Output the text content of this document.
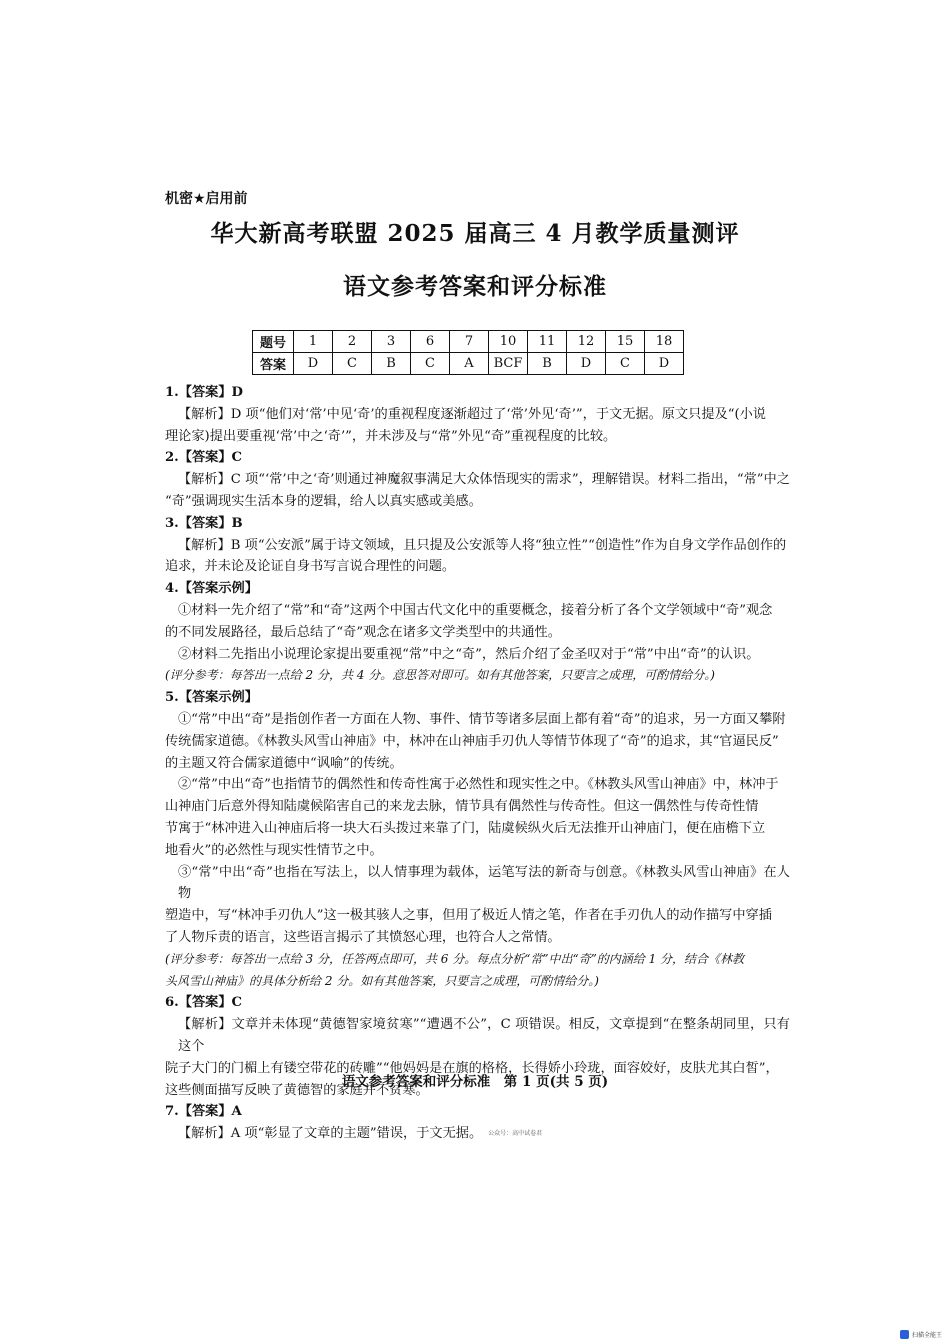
机密★启用前
华大新高考联盟 2025 届高三 4 月教学质量测评
语文参考答案和评分标准
题号	1	2	3	6	7	10	11	12	15	18
答案	D	C	B	C	A	BCF	B	D	C	D

1.【答案】D

【解析】D 项“他们对‘常’中见‘奇’的重视程度逐渐超过了‘常’外见‘奇’”，于文无据。原文只提及“(小说

理论家)提出要重视‘常’中之‘奇’”，并未涉及与“常”外见“奇”重视程度的比较。

2.【答案】C

【解析】C 项“‘常’中之‘奇’则通过神魔叙事满足大众体悟现实的需求”，理解错误。材料二指出，“常”中之

“奇”强调现实生活本身的逻辑，给人以真实感或美感。

3.【答案】B

【解析】B 项“公安派”属于诗文领域，且只提及公安派等人将“独立性”“创造性”作为自身文学作品创作的

追求，并未论及论证自身书写言说合理性的问题。

4.【答案示例】

①材料一先介绍了“常”和“奇”这两个中国古代文化中的重要概念，接着分析了各个文学领域中“奇”观念

的不同发展路径，最后总结了“奇”观念在诸多文学类型中的共通性。

②材料二先指出小说理论家提出要重视“常”中之“奇”，然后介绍了金圣叹对于“常”中出“奇”的认识。

(评分参考：每答出一点给 2 分，共 4 分。意思答对即可。如有其他答案，只要言之成理，可酌情给分。)

5.【答案示例】

①“常”中出“奇”是指创作者一方面在人物、事件、情节等诸多层面上都有着“奇”的追求，另一方面又攀附

传统儒家道德。《林教头风雪山神庙》中，林冲在山神庙手刃仇人等情节体现了“奇”的追求，其“官逼民反”

的主题又符合儒家道德中“讽喻”的传统。

②“常”中出“奇”也指情节的偶然性和传奇性寓于必然性和现实性之中。《林教头风雪山神庙》中，林冲于

山神庙门后意外得知陆虞候陷害自己的来龙去脉，情节具有偶然性与传奇性。但这一偶然性与传奇性情

节寓于“林冲进入山神庙后将一块大石头拨过来靠了门，陆虞候纵火后无法推开山神庙门，便在庙檐下立

地看火”的必然性与现实性情节之中。

③“常”中出“奇”也指在写法上，以人情事理为载体，运笔写法的新奇与创意。《林教头风雪山神庙》在人物

塑造中，写“林冲手刃仇人”这一极其骇人之事，但用了极近人情之笔，作者在手刃仇人的动作描写中穿插

了人物斥责的语言，这些语言揭示了其愤怒心理，也符合人之常情。

(评分参考：每答出一点给 3 分，任答两点即可，共 6 分。每点分析“常”中出“奇”的内涵给 1 分，结合《林教

头风雪山神庙》的具体分析给 2 分。如有其他答案，只要言之成理，可酌情给分。)

6.【答案】C

【解析】文章并未体现“黄德智家境贫寒”“遭遇不公”，C 项错误。相反，文章提到“在整条胡同里，只有这个

院子大门的门楣上有镂空带花的砖雕”“他妈妈是在旗的格格，长得娇小玲珑，面容姣好，皮肤尤其白皙”，

这些侧面描写反映了黄德智的家庭并不贫寒。

7.【答案】A

【解析】A 项“彰显了文章的主题”错误，于文无据。 $^{公众号:高中试卷君}$

语文参考答案和评分标准　第 1 页(共 5 页)
扫描全能王
